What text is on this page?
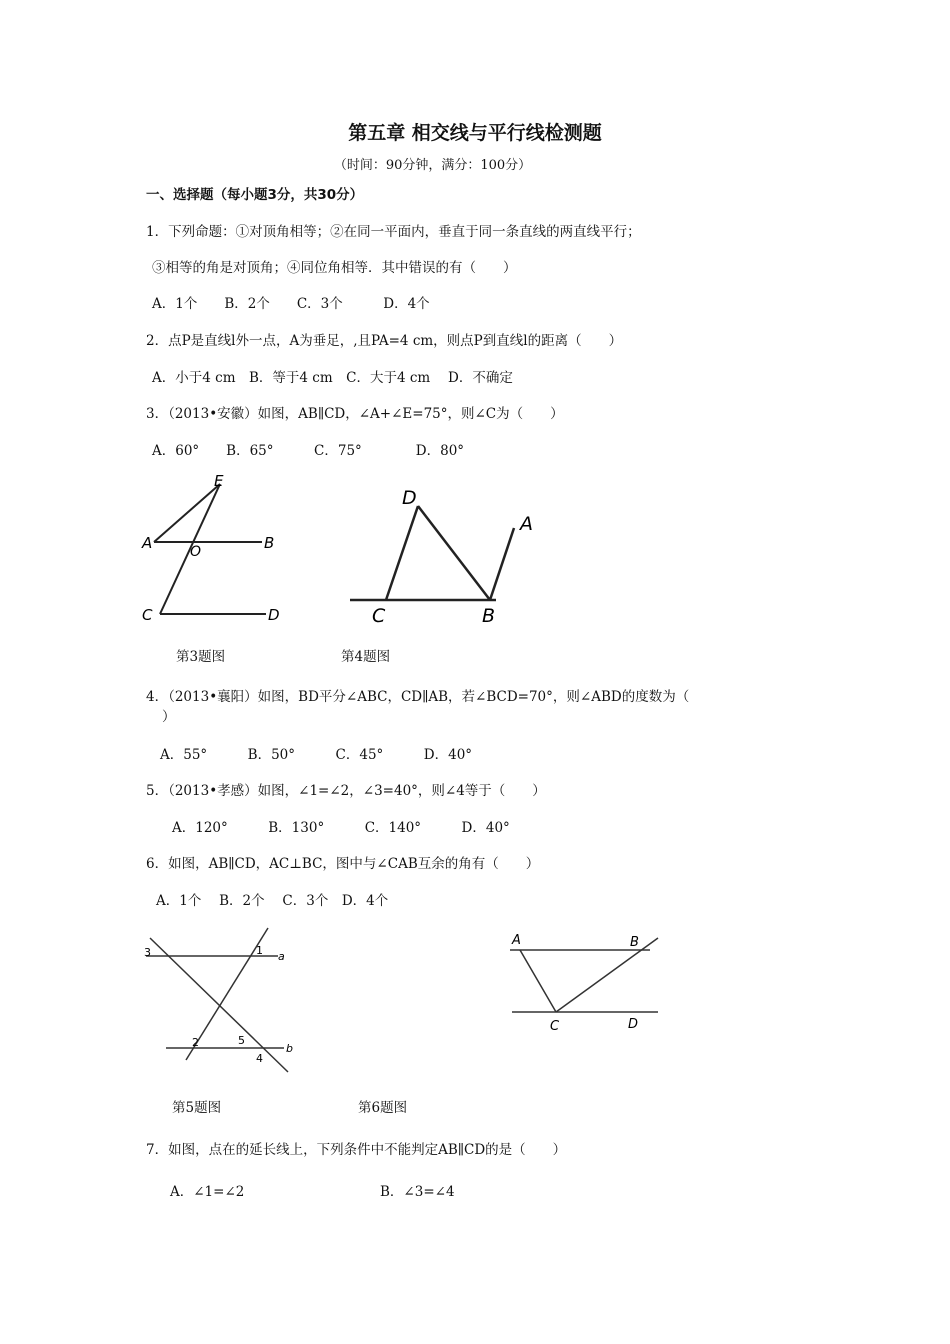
第五章 相交线与平行线检测题
（时间：90分钟，满分：100分）
一、选择题（每小题3分，共30分）
1．下列命题：①对顶角相等；②在同一平面内，垂直于同一条直线的两直线平行；
③相等的角是对顶角；④同位角相等．其中错误的有（　　）
A．1个　　B．2个　　C．3个　　　D．4个
2．点P是直线l外一点，A为垂足，,且PA=4 cm，则点P到直线l的距离（　　）
A．小于4 cm　B．等于4 cm　C．大于4 cm　 D．不确定
3．（2013•安徽）如图，AB∥CD，∠A+∠E=75°，则∠C为（　　）
A．60°　　B．65°　　　C．75°　　　　D．80°
E
A	O	B
C	D
D
A
C	B
第3题图	第4题图
4．（2013•襄阳）如图，BD平分∠ABC，CD∥AB，若∠BCD=70°，则∠ABD的度数为（
）
A．55°　　　B．50°　　　C．45°　　　D．40°
5．（2013•孝感）如图，∠1=∠2，∠3=40°，则∠4等于（　　）
A．120°　　　B．130°　　　C．140°　　　D．40°
6．如图，AB∥CD，AC⊥BC，图中与∠CAB互余的角有（　　）
A．1个　 B．2个　 C．3个　D．4个
3	1 a
2	5
4
b
A	B
C	D
第5题图	第6题图
7．如图，点在的延长线上，下列条件中不能判定AB∥CD的是（　　）
A．∠1=∠2	B．∠3=∠4
